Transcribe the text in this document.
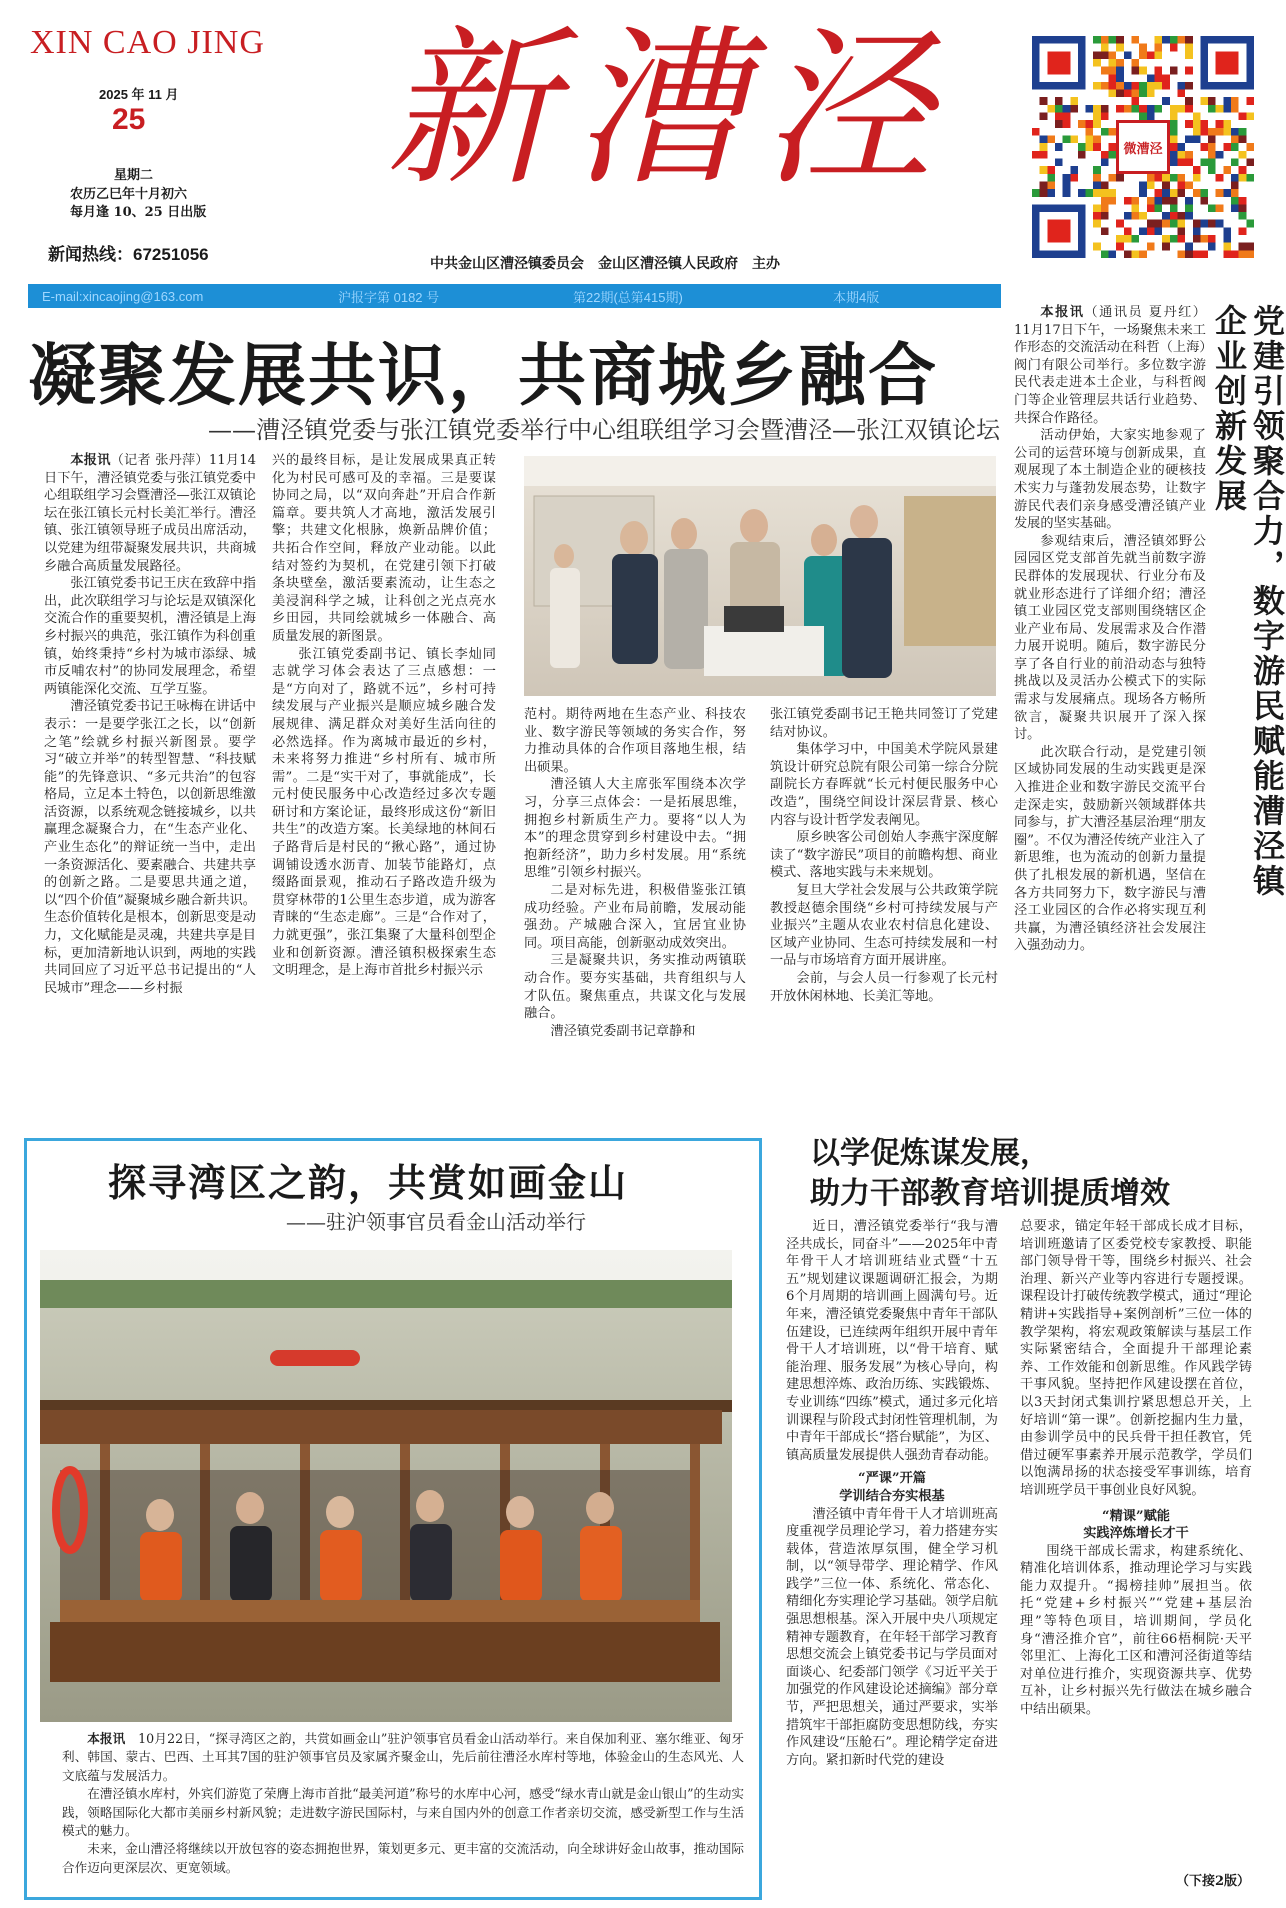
XIN CAO JING
2025 年 11 月
25
星期二
农历乙巳年十月初六
每月逢 10、25 日出版
新闻热线：67251056
新漕泾
中共金山区漕泾镇委员会　金山区漕泾镇人民政府　主办
微漕泾
E-mail:xincaojing@163.com	沪报字第 0182 号	第22期(总第415期)	本期4版
凝聚发展共识，共商城乡融合
——漕泾镇党委与张江镇党委举行中心组联组学习会暨漕泾—张江双镇论坛

本报讯（记者 张丹萍）11月14日下午，漕泾镇党委与张江镇党委中心组联组学习会暨漕泾—张江双镇论坛在张江镇长元村长美汇举行。漕泾镇、张江镇领导班子成员出席活动，以党建为纽带凝聚发展共识，共商城乡融合高质量发展路径。

张江镇党委书记王庆在致辞中指出，此次联组学习与论坛是双镇深化交流合作的重要契机，漕泾镇是上海乡村振兴的典范，张江镇作为科创重镇，始终秉持“乡村为城市添绿、城市反哺农村”的协同发展理念，希望两镇能深化交流、互学互鉴。

漕泾镇党委书记王咏梅在讲话中表示：一是要学张江之长，以“创新之笔”绘就乡村振兴新图景。要学习“破立并举”的转型智慧、“科技赋能”的先锋意识、“多元共治”的包容格局，立足本土特色，以创新思维激活资源，以系统观念链接城乡，以共赢理念凝聚合力，在“生态产业化、产业生态化”的辩证统一当中，走出一条资源活化、要素融合、共建共享的创新之路。二是要思共通之道，以“四个价值”凝聚城乡融合新共识。生态价值转化是根本，创新思变是动力，文化赋能是灵魂，共建共享是目标，更加清新地认识到，两地的实践共同回应了习近平总书记提出的“人民城市”理念——乡村振

兴的最终目标，是让发展成果真正转化为村民可感可及的幸福。三是要谋协同之局，以“双向奔赴”开启合作新篇章。要共筑人才高地，激活发展引擎；共建文化根脉，焕新品牌价值；共拓合作空间，释放产业动能。以此结对签约为契机，在党建引领下打破条块壁垒，激活要素流动，让生态之美浸润科学之城，让科创之光点亮水乡田园，共同绘就城乡一体融合、高质量发展的新图景。

张江镇党委副书记、镇长李灿同志就学习体会表达了三点感想：一是“方向对了，路就不远”，乡村可持续发展与产业振兴是顺应城乡融合发展规律、满足群众对美好生活向往的必然选择。作为离城市最近的乡村，未来将努力推进“乡村所有、城市所需”。二是“实干对了，事就能成”，长元村使民服务中心改造经过多次专题研讨和方案论证，最终形成这份“新旧共生”的改造方案。长美绿地的林间石子路背后是村民的“揪心路”，通过协调铺设透水沥青、加装节能路灯，点缀路面景观，推动石子路改造升级为贯穿林带的1公里生态步道，成为游客青睐的“生态走廊”。三是“合作对了，力就更强”，张江集聚了大量科创型企业和创新资源。漕泾镇积极探索生态文明理念，是上海市首批乡村振兴示

范村。期待两地在生态产业、科技农业、数字游民等领域的务实合作，努力推动具体的合作项目落地生根，结出硕果。

漕泾镇人大主席张军围绕本次学习，分享三点体会：一是拓展思维，拥抱乡村新质生产力。要将“以人为本”的理念贯穿到乡村建设中去。“拥抱新经济”，助力乡村发展。用“系统思维”引领乡村振兴。

二是对标先进，积极借鉴张江镇成功经验。产业布局前瞻，发展动能强劲。产城融合深入，宜居宜业协同。项目高能，创新驱动成效突出。

三是凝聚共识，务实推动两镇联动合作。要夯实基础，共育组织与人才队伍。聚焦重点，共谋文化与发展融合。

漕泾镇党委副书记章静和

张江镇党委副书记王艳共同签订了党建结对协议。

集体学习中，中国美术学院风景建筑设计研究总院有限公司第一综合分院副院长方春晖就“长元村便民服务中心改造”，围绕空间设计深层背景、核心内容与设计哲学发表阐见。

原乡映客公司创始人李燕宇深度解读了“数字游民”项目的前瞻构想、商业模式、落地实践与未来规划。

复旦大学社会发展与公共政策学院教授赵德余围绕“乡村可持续发展与产业振兴”主题从农业农村信息化建设、区域产业协同、生态可持续发展和一村一品与市场培育方面开展讲座。

会前，与会人员一行参观了长元村开放休闲林地、长美汇等地。

党建引领聚合力，数字游民赋能漕泾镇企业创新发展

本报讯（通讯员 夏丹红）11月17日下午，一场聚焦未来工作形态的交流活动在科哲（上海）阀门有限公司举行。多位数字游民代表走进本土企业，与科哲阀门等企业管理层共话行业趋势、共探合作路径。

活动伊始，大家实地参观了公司的运营环境与创新成果，直观展现了本土制造企业的硬核技术实力与蓬勃发展态势，让数字游民代表们亲身感受漕泾镇产业发展的坚实基础。

参观结束后，漕泾镇郊野公园园区党支部首先就当前数字游民群体的发展现状、行业分布及就业形态进行了详细介绍；漕泾镇工业园区党支部则围绕辖区企业产业布局、发展需求及合作潜力展开说明。随后，数字游民分享了各自行业的前沿动态与独特挑战以及灵活办公模式下的实际需求与发展痛点。现场各方畅所欲言，凝聚共识展开了深入探讨。

此次联合行动，是党建引领区域协同发展的生动实践更是深入推进企业和数字游民交流平台走深走实，鼓励新兴领域群体共同参与，扩大漕泾基层治理“朋友圈”。不仅为漕泾传统产业注入了新思维，也为流动的创新力量提供了扎根发展的新机遇，坚信在各方共同努力下，数字游民与漕泾工业园区的合作必将实现互利共赢，为漕泾镇经济社会发展注入强劲动力。

探寻湾区之韵，共赏如画金山
——驻沪领事官员看金山活动举行

本报讯　 10月22日，“探寻湾区之韵，共赏如画金山”驻沪领事官员看金山活动举行。来自保加利亚、塞尔维亚、匈牙利、韩国、蒙古、巴西、土耳其7国的驻沪领事官员及家属齐聚金山，先后前往漕泾水库村等地，体验金山的生态风光、人文底蕴与发展活力。

在漕泾镇水库村，外宾们游览了荣膺上海市首批“最美河道”称号的水库中心河，感受“绿水青山就是金山银山”的生动实践，领略国际化大都市美丽乡村新风貌；走进数字游民国际村，与来自国内外的创意工作者亲切交流，感受新型工作与生活模式的魅力。

未来，金山漕泾将继续以开放包容的姿态拥抱世界，策划更多元、更丰富的交流活动，向全球讲好金山故事，推动国际合作迈向更深层次、更宽领域。

以学促炼谋发展，
助力干部教育培训提质增效

近日，漕泾镇党委举行“我与漕泾共成长，同奋斗”——2025年中青年骨干人才培训班结业式暨“十五五”规划建议课题调研汇报会，为期6个月周期的培训画上圆满句号。近年来，漕泾镇党委聚焦中青年干部队伍建设，已连续两年组织开展中青年骨干人才培训班，以“骨干培育、赋能治理、服务发展”为核心导向，构建思想淬炼、政治历练、实践锻炼、专业训练“四练”模式，通过多元化培训课程与阶段式封闭性管理机制，为中青年干部成长“搭台赋能”，为区、镇高质量发展提供人强劲青春动能。

“严课”开篇
学训结合夯实根基

漕泾镇中青年骨干人才培训班高度重视学员理论学习，着力搭建夯实载体，营造浓厚氛围，健全学习机制，以“领导带学、理论精学、作风践学”三位一体、系统化、常态化、精细化夯实理论学习基础。领学启航强思想根基。深入开展中央八项规定精神专题教育，在年轻干部学习教育思想交流会上镇党委书记与学员面对面谈心、纪委部门领学《习近平关于加强党的作风建设论述摘编》部分章节，严把思想关，通过严要求，实举措筑牢干部拒腐防变思想防线，夯实作风建设“压舱石”。理论精学定奋进方向。紧扣新时代党的建设

总要求，锚定年轻干部成长成才目标，培训班邀请了区委党校专家教授、职能部门领导骨干等，围绕乡村振兴、社会治理、新兴产业等内容进行专题授课。课程设计打破传统教学模式，通过“理论精讲+实践指导+案例剖析”三位一体的教学架构，将宏观政策解读与基层工作实际紧密结合，全面提升干部理论素养、工作效能和创新思维。作风践学铸干事风貌。坚持把作风建设摆在首位，以3天封闭式集训拧紧思想总开关，上好培训“第一课”。创新挖掘内生力量，由参训学员中的民兵骨干担任教官，凭借过硬军事素养开展示范教学，学员们以饱满昂扬的状态接受军事训练，培育培训班学员干事创业良好风貌。

“精课”赋能
实践淬炼增长才干

围绕干部成长需求，构建系统化、精准化培训体系，推动理论学习与实践能力双提升。“揭榜挂帅”展担当。依托“党建+乡村振兴”“党建+基层治理”等特色项目，培训期间，学员化身“漕泾推介官”，前往66梧桐院·天平邻里汇、上海化工区和漕河泾街道等结对单位进行推介，实现资源共享、优势互补，让乡村振兴先行做法在城乡融合中结出硕果。

（下接2版）
